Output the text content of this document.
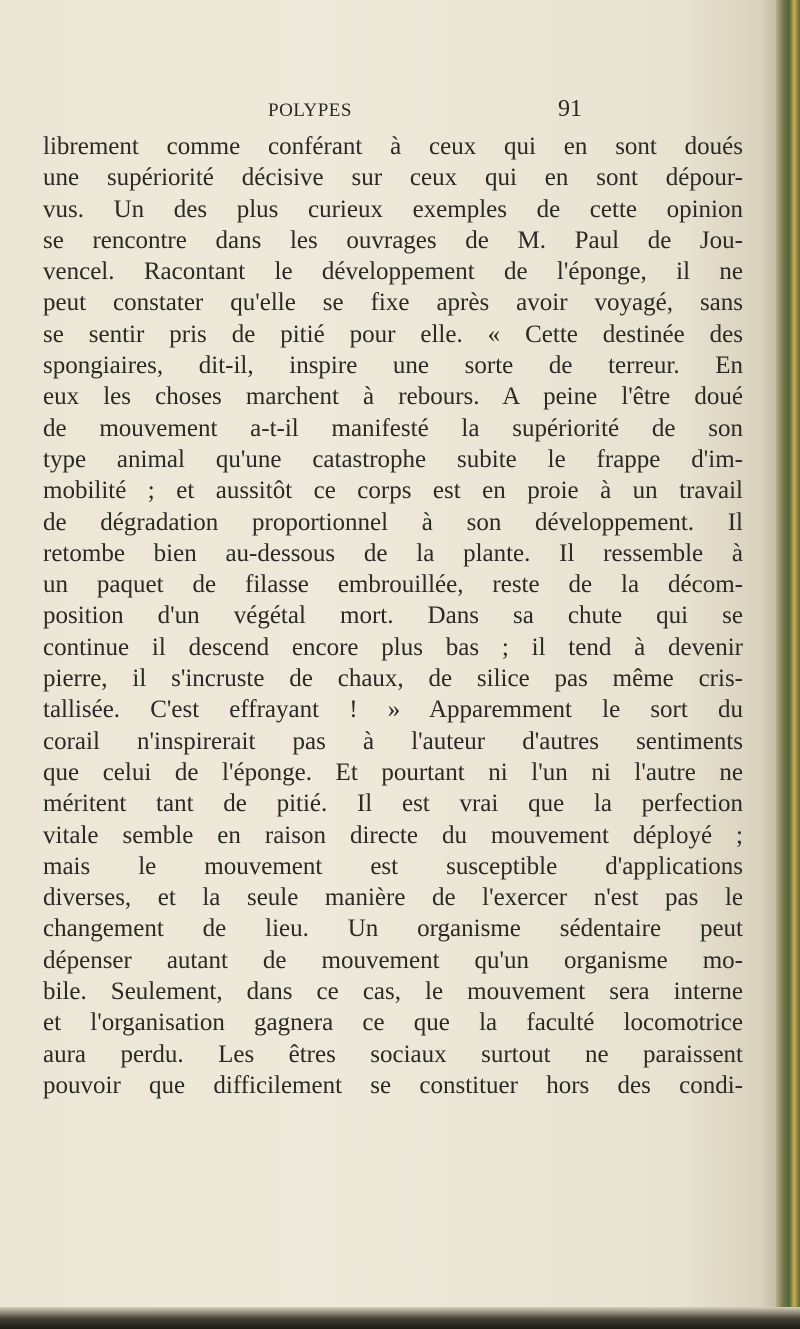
POLYPES	91
librement comme conférant à ceux qui en sont doués
une supériorité décisive sur ceux qui en sont dépour-
vus. Un des plus curieux exemples de cette opinion
se rencontre dans les ouvrages de M. Paul de Jou-
vencel. Racontant le développement de l'éponge, il ne
peut constater qu'elle se fixe après avoir voyagé, sans
se sentir pris de pitié pour elle. « Cette destinée des
spongiaires, dit-il, inspire une sorte de terreur. En
eux les choses marchent à rebours. A peine l'être doué
de mouvement a-t-il manifesté la supériorité de son
type animal qu'une catastrophe subite le frappe d'im-
mobilité ; et aussitôt ce corps est en proie à un travail
de dégradation proportionnel à son développement. Il
retombe bien au-dessous de la plante. Il ressemble à
un paquet de filasse embrouillée, reste de la décom-
position d'un végétal mort. Dans sa chute qui se
continue il descend encore plus bas ; il tend à devenir
pierre, il s'incruste de chaux, de silice pas même cris-
tallisée. C'est effrayant ! » Apparemment le sort du
corail n'inspirerait pas à l'auteur d'autres sentiments
que celui de l'éponge. Et pourtant ni l'un ni l'autre ne
méritent tant de pitié. Il est vrai que la perfection
vitale semble en raison directe du mouvement déployé ;
mais le mouvement est susceptible d'applications
diverses, et la seule manière de l'exercer n'est pas le
changement de lieu. Un organisme sédentaire peut
dépenser autant de mouvement qu'un organisme mo-
bile. Seulement, dans ce cas, le mouvement sera interne
et l'organisation gagnera ce que la faculté locomotrice
aura perdu. Les êtres sociaux surtout ne paraissent
pouvoir que difficilement se constituer hors des condi-
